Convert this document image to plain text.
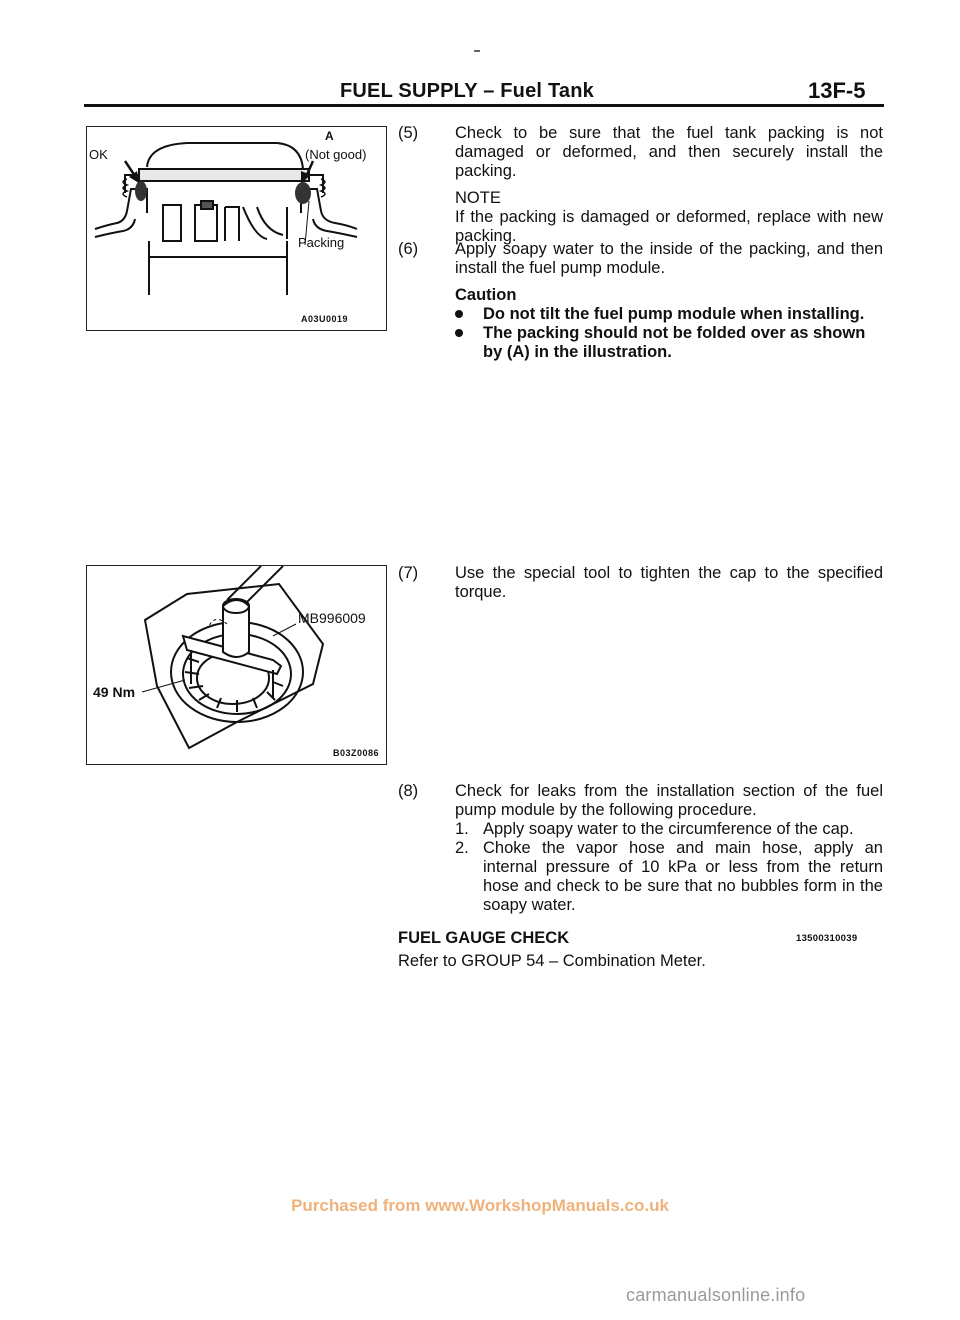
FUEL SUPPLY – Fuel Tank	13F-5
OK
A
(Not good)
Packing
A03U0019
MB996009
49 Nm
B03Z0086
(5) Check to be sure that the fuel tank packing is not damaged or deformed, and then securely install the packing.
NOTE
If the packing is damaged or deformed, replace with new packing.
(6) Apply soapy water to the inside of the packing, and then install the fuel pump module.
Caution
Do not tilt the fuel pump module when installing.
The packing should not be folded over as shown by (A) in the illustration.
(7) Use the special tool to tighten the cap to the specified torque.
(8) Check for leaks from the installation section of the fuel pump module by the following procedure.
1. Apply soapy water to the circumference of the cap.
2. Choke the vapor hose and main hose, apply an internal pressure of 10 kPa or less from the return hose and check to be sure that no bubbles form in the soapy water.
FUEL GAUGE CHECK	13500310039
Refer to GROUP 54 – Combination Meter.
Purchased from www.WorkshopManuals.co.uk
carmanualsonline.info
